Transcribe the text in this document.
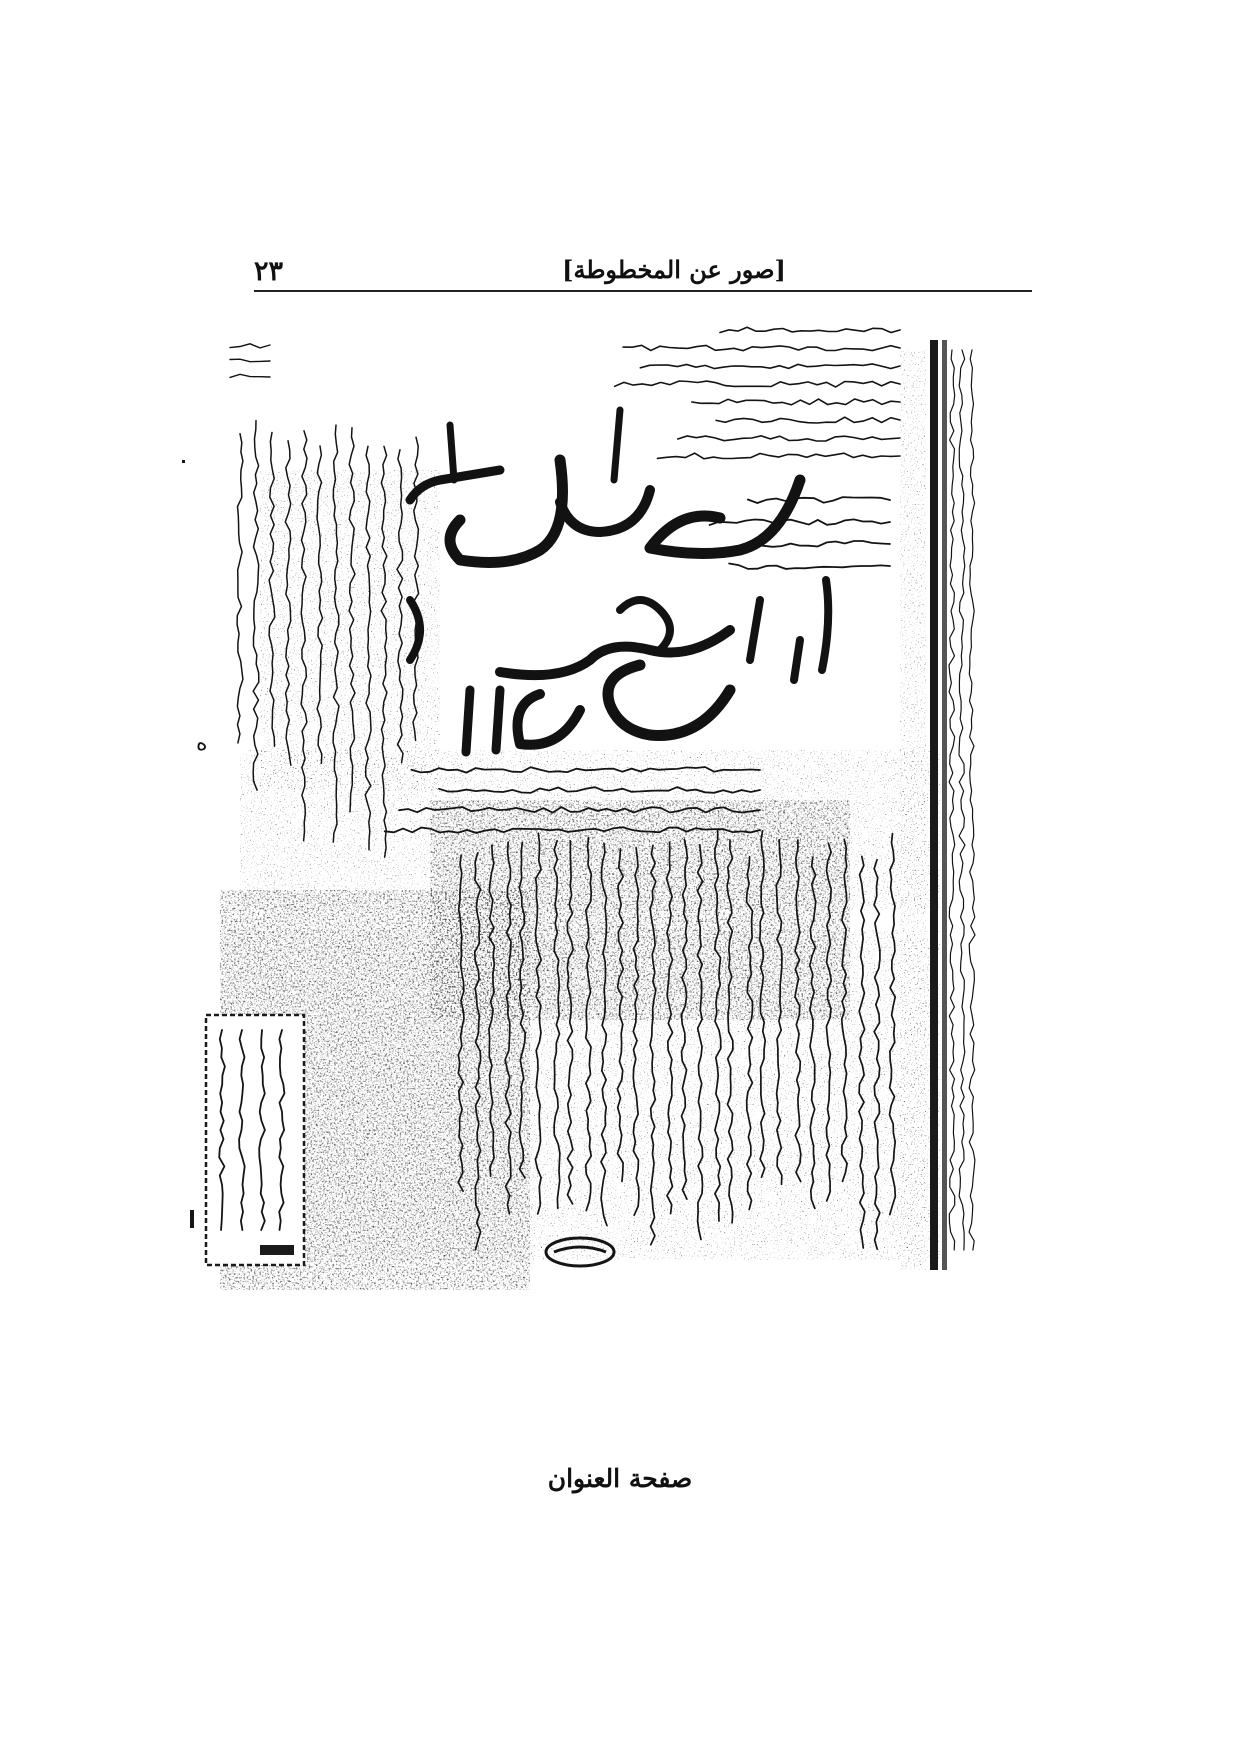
٢٣	[صور عن المخطوطة]
ه
صفحة العنوان
